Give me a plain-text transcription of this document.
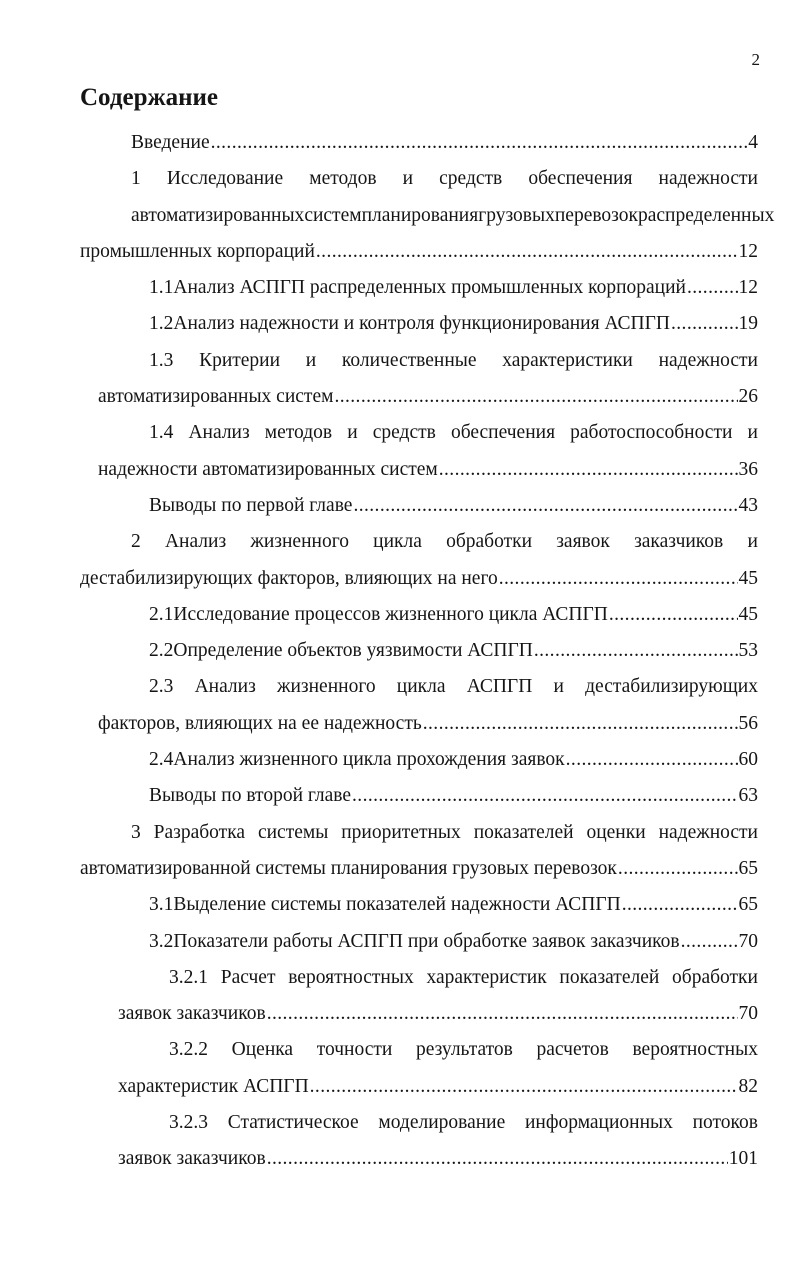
2
Содержание
Введение .....	4
1 Исследование методов и средств обеспечения надежности
автоматизированных систем планирования грузовых перевозок распределенных
промышленных корпораций .....	12
1.1 Анализ АСПГП распределенных промышленных корпораций .....	12
1.2 Анализ надежности и контроля функционирования АСПГП .....	19
1.3 Критерии и количественные характеристики надежности
автоматизированных систем .....	26
1.4 Анализ методов и средств обеспечения работоспособности и
надежности автоматизированных систем .....	36
Выводы по первой главе .....	43
2 Анализ жизненного цикла обработки заявок заказчиков и
дестабилизирующих факторов, влияющих на него .....	45
2.1 Исследование процессов жизненного цикла АСПГП .....	45
2.2 Определение объектов уязвимости АСПГП .....	53
2.3 Анализ жизненного цикла АСПГП и дестабилизирующих
факторов, влияющих на ее надежность .....	56
2.4 Анализ жизненного цикла прохождения заявок .....	60
Выводы по второй главе .....	63
3 Разработка системы приоритетных показателей оценки надежности
автоматизированной системы планирования грузовых перевозок .....	65
3.1 Выделение системы показателей надежности АСПГП .....	65
3.2 Показатели работы АСПГП при обработке заявок заказчиков .....	70
3.2.1 Расчет вероятностных характеристик показателей обработки
заявок заказчиков .....	70
3.2.2 Оценка точности результатов расчетов вероятностных
характеристик АСПГП .....	82
3.2.3 Статистическое моделирование информационных потоков
заявок заказчиков .....	101
